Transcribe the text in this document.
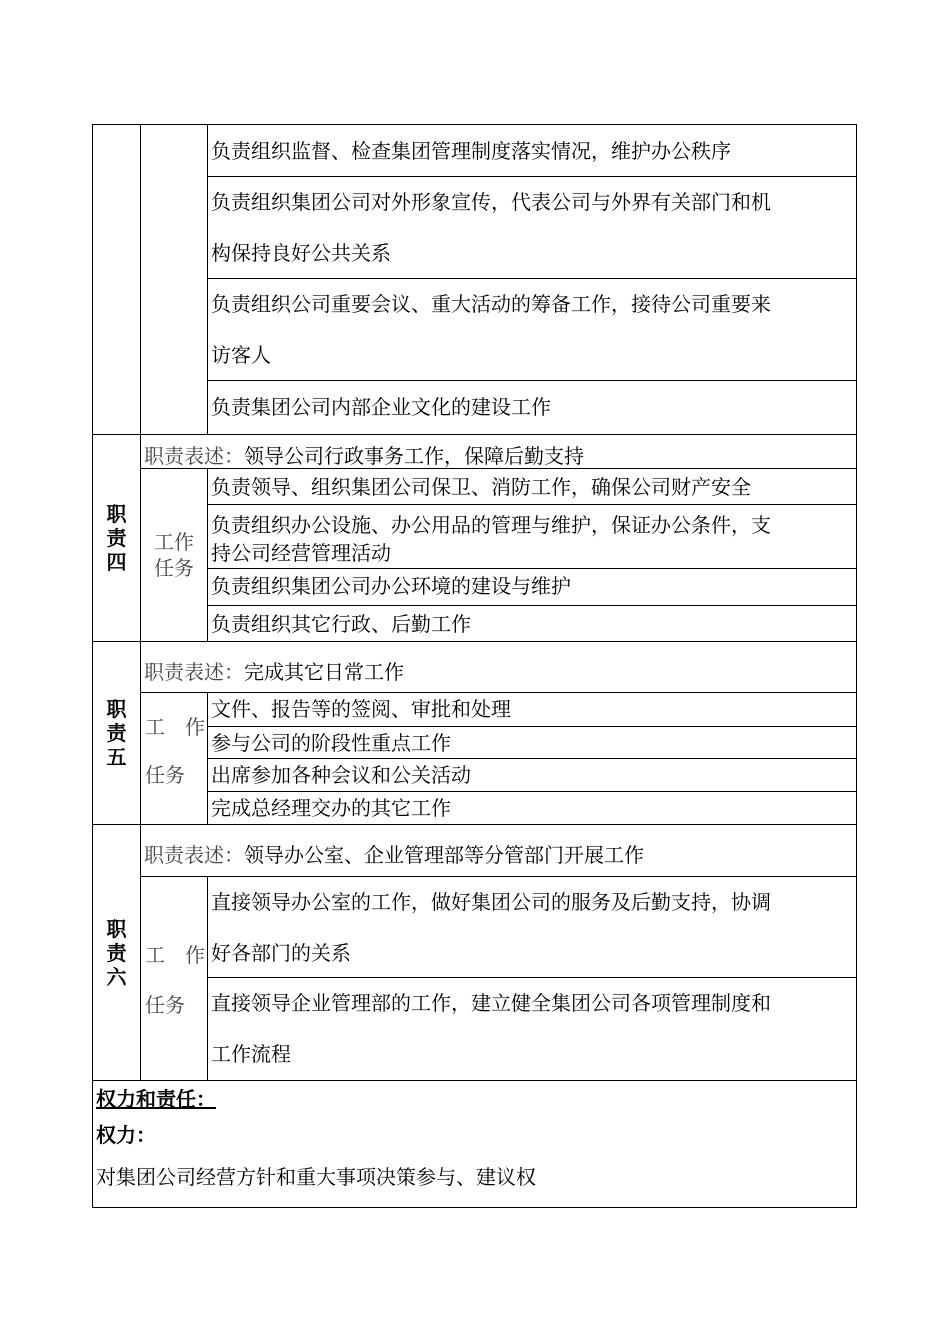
负责组织监督、检查集团管理制度落实情况，维护办公秩序
负责组织集团公司对外形象宣传，代表公司与外界有关部门和机
构保持良好公共关系
负责组织公司重要会议、重大活动的筹备工作，接待公司重要来
访客人
负责集团公司内部企业文化的建设工作
职
责
四
职责表述：领导公司行政事务工作，保障后勤支持
工作
任务
负责领导、组织集团公司保卫、消防工作，确保公司财产安全
负责组织办公设施、办公用品的管理与维护，保证办公条件，支
持公司经营管理活动
负责组织集团公司办公环境的建设与维护
负责组织其它行政、后勤工作
职
责
五
职责表述：完成其它日常工作
工　作
任务
文件、报告等的签阅、审批和处理
参与公司的阶段性重点工作
出席参加各种会议和公关活动
完成总经理交办的其它工作
职
责
六
职责表述：领导办公室、企业管理部等分管部门开展工作
工　作
任务
直接领导办公室的工作，做好集团公司的服务及后勤支持，协调
好各部门的关系
直接领导企业管理部的工作，建立健全集团公司各项管理制度和
工作流程
权力和责任：
权力：
对集团公司经营方针和重大事项决策参与、建议权
